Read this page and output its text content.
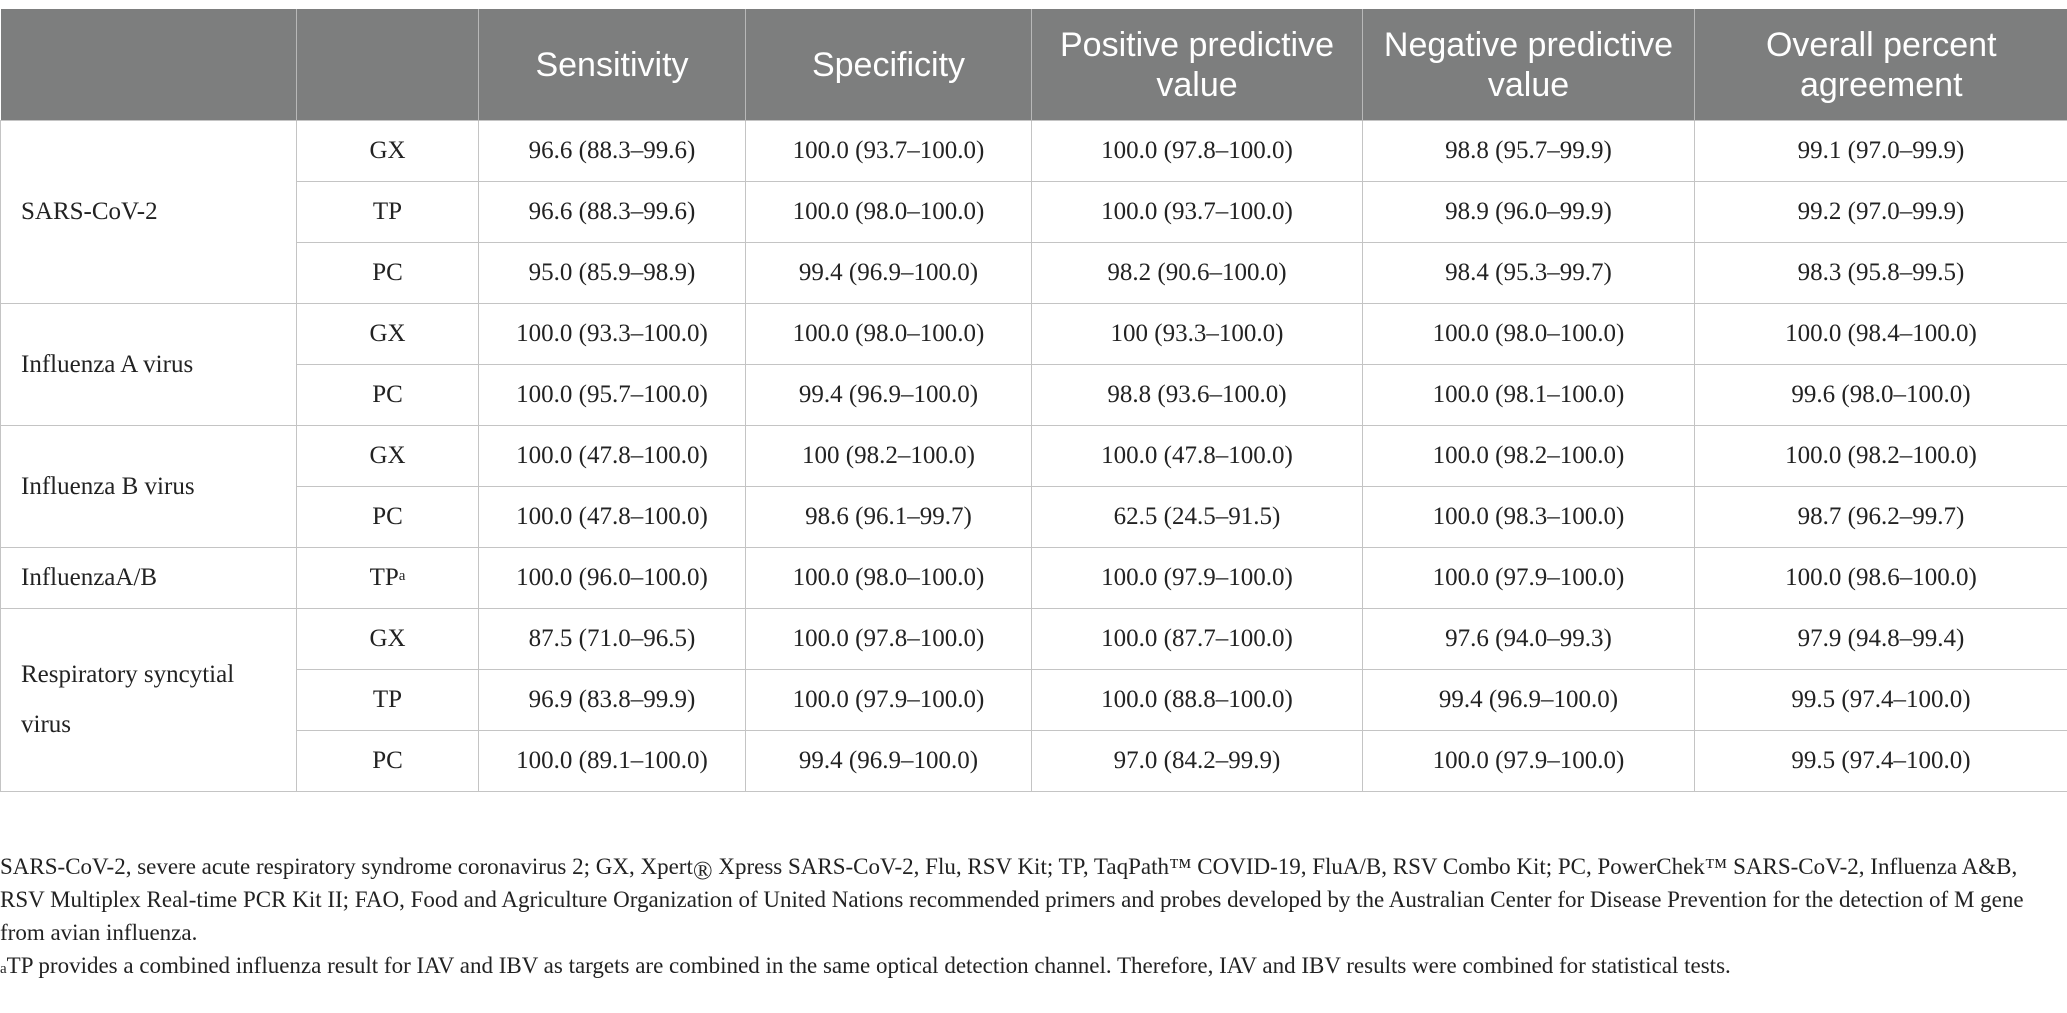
		Sensitivity	Specificity	Positive predictive value	Negative predictive value	Overall percent agreement
SARS-CoV-2	GX	96.6 (88.3–99.6)	100.0 (93.7–100.0)	100.0 (97.8–100.0)	98.8 (95.7–99.9)	99.1 (97.0–99.9)
	TP	96.6 (88.3–99.6)	100.0 (98.0–100.0)	100.0 (93.7–100.0)	98.9 (96.0–99.9)	99.2 (97.0–99.9)
	PC	95.0 (85.9–98.9)	99.4 (96.9–100.0)	98.2 (90.6–100.0)	98.4 (95.3–99.7)	98.3 (95.8–99.5)
Influenza A virus	GX	100.0 (93.3–100.0)	100.0 (98.0–100.0)	100 (93.3–100.0)	100.0 (98.0–100.0)	100.0 (98.4–100.0)
	PC	100.0 (95.7–100.0)	99.4 (96.9–100.0)	98.8 (93.6–100.0)	100.0 (98.1–100.0)	99.6 (98.0–100.0)
Influenza B virus	GX	100.0 (47.8–100.0)	100 (98.2–100.0)	100.0 (47.8–100.0)	100.0 (98.2–100.0)	100.0 (98.2–100.0)
	PC	100.0 (47.8–100.0)	98.6 (96.1–99.7)	62.5 (24.5–91.5)	100.0 (98.3–100.0)	98.7 (96.2–99.7)
InfluenzaA/B	$TP^a$	100.0 (96.0–100.0)	100.0 (98.0–100.0)	100.0 (97.9–100.0)	100.0 (97.9–100.0)	100.0 (98.6–100.0)
Respiratory syncytial virus	GX	87.5 (71.0–96.5)	100.0 (97.8–100.0)	100.0 (87.7–100.0)	97.6 (94.0–99.3)	97.9 (94.8–99.4)
	TP	96.9 (83.8–99.9)	100.0 (97.9–100.0)	100.0 (88.8–100.0)	99.4 (96.9–100.0)	99.5 (97.4–100.0)
	PC	100.0 (89.1–100.0)	99.4 (96.9–100.0)	97.0 (84.2–99.9)	100.0 (97.9–100.0)	99.5 (97.4–100.0)

SARS-CoV-2, severe acute respiratory syndrome coronavirus 2; GX, Xpert® Xpress SARS-CoV-2, Flu, RSV Kit; TP, TaqPath™ COVID-19, FluA/B, RSV Combo Kit; PC, PowerChek™ SARS-CoV-2, Influenza A&B, RSV Multiplex Real-time PCR Kit II; FAO, Food and Agriculture Organization of United Nations recommended primers and probes developed by the Australian Center for Disease Prevention for the detection of M gene from avian influenza.

$^a$TP provides a combined influenza result for IAV and IBV as targets are combined in the same optical detection channel. Therefore, IAV and IBV results were combined for statistical tests.
